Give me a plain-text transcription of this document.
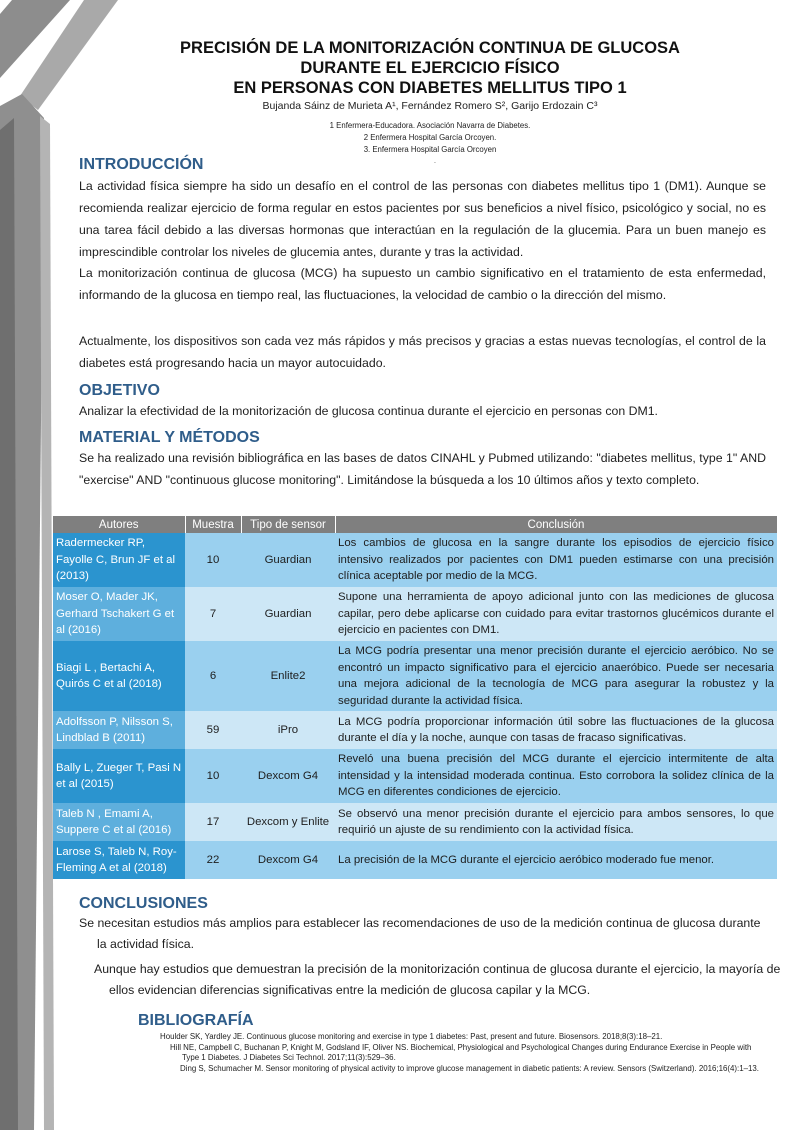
PRECISIÓN DE LA MONITORIZACIÓN CONTINUA DE GLUCOSA
DURANTE EL EJERCICIO FÍSICO
EN PERSONAS CON DIABETES MELLITUS TIPO 1
Bujanda Sáinz de Murieta A¹, Fernández Romero S², Garijo Erdozain C³
1 Enfermera-Educadora. Asociación Navarra de Diabetes.
2 Enfermera Hospital García Orcoyen.
3. Enfermera Hospital García Orcoyen
.
INTRODUCCIÓN

La actividad física siempre ha sido un desafío en el control de las personas con diabetes mellitus tipo 1 (DM1). Aunque se recomienda realizar ejercicio de forma regular en estos pacientes por sus beneficios a nivel físico, psicológico y social, no es una tarea fácil debido a las diversas hormonas que interactúan en la regulación de la glucemia. Para un buen manejo es imprescindible controlar los niveles de glucemia antes, durante y tras la actividad.

La monitorización continua de glucosa (MCG) ha supuesto un cambio significativo en el tratamiento de esta enfermedad, informando de la glucosa en tiempo real, las fluctuaciones, la velocidad de cambio o la dirección del mismo.

Actualmente, los dispositivos son cada vez más rápidos y más precisos y gracias a estas nuevas tecnologías, el control de la diabetes está progresando hacia un mayor autocuidado.

OBJETIVO

Analizar la efectividad de la monitorización de glucosa continua durante el ejercicio en personas con DM1.

MATERIAL Y MÉTODOS

Se ha realizado una revisión bibliográfica en las bases de datos CINAHL y Pubmed utilizando: "diabetes mellitus, type 1" AND "exercise" AND "continuous glucose monitoring". Limitándose la búsqueda a los 10 últimos años y texto completo.

Autores	Muestra	Tipo de sensor	Conclusión
Radermecker RP, Fayolle C, Brun JF et al (2013)	10	Guardian	Los cambios de glucosa en la sangre durante los episodios de ejercicio físico intensivo realizados por pacientes con DM1 pueden estimarse con una precisión clínica aceptable por medio de la MCG.
Moser O, Mader JK, Gerhard Tschakert G et al (2016)	7	Guardian	Supone una herramienta de apoyo adicional junto con las mediciones de glucosa capilar, pero debe aplicarse con cuidado para evitar trastornos glucémicos durante el ejercicio en pacientes con DM1.
Biagi L , Bertachi A, Quirós C et al (2018)	6	Enlite2	La MCG podría presentar una menor precisión durante el ejercicio aeróbico. No se encontró un impacto significativo para el ejercicio anaeróbico. Puede ser necesaria una mejora adicional de la tecnología de MCG para asegurar la robustez y la seguridad durante la actividad física.
Adolfsson P, Nilsson S, Lindblad B (2011)	59	iPro	La MCG podría proporcionar información útil sobre las fluctuaciones de la glucosa durante el día y la noche, aunque con tasas de fracaso significativas.
Bally L, Zueger T, Pasi N et al (2015)	10	Dexcom G4	Reveló una buena precisión del MCG durante el ejercicio intermitente de alta intensidad y la intensidad moderada continua. Esto corrobora la solidez clínica de la MCG en diferentes condiciones de ejercicio.
Taleb N , Emami A, Suppere C et al (2016)	17	Dexcom y Enlite	Se observó una menor precisión durante el ejercicio para ambos sensores, lo que requirió un ajuste de su rendimiento con la actividad física.
Larose S, Taleb N, Roy-Fleming A et al (2018)	22	Dexcom G4	La precisión de la MCG durante el ejercicio aeróbico moderado fue menor.
CONCLUSIONES

Se necesitan estudios más amplios para establecer las recomendaciones de uso de la medición continua de glucosa durante la actividad física.

Aunque hay estudios que demuestran la precisión de la monitorización continua de glucosa durante el ejercicio, la mayoría de ellos evidencian diferencias significativas entre la medición de glucosa capilar y la MCG.

BIBLIOGRAFÍA
Houlder SK, Yardley JE. Continuous glucose monitoring and exercise in type 1 diabetes: Past, present and future. Biosensors. 2018;8(3):18–21.
Hill NE, Campbell C, Buchanan P, Knight M, Godsland IF, Oliver NS. Biochemical, Physiological and Psychological Changes during Endurance Exercise in People with Type 1 Diabetes. J Diabetes Sci Technol. 2017;11(3):529–36.
Ding S, Schumacher M. Sensor monitoring of physical activity to improve glucose management in diabetic patients: A review. Sensors (Switzerland). 2016;16(4):1–13.
